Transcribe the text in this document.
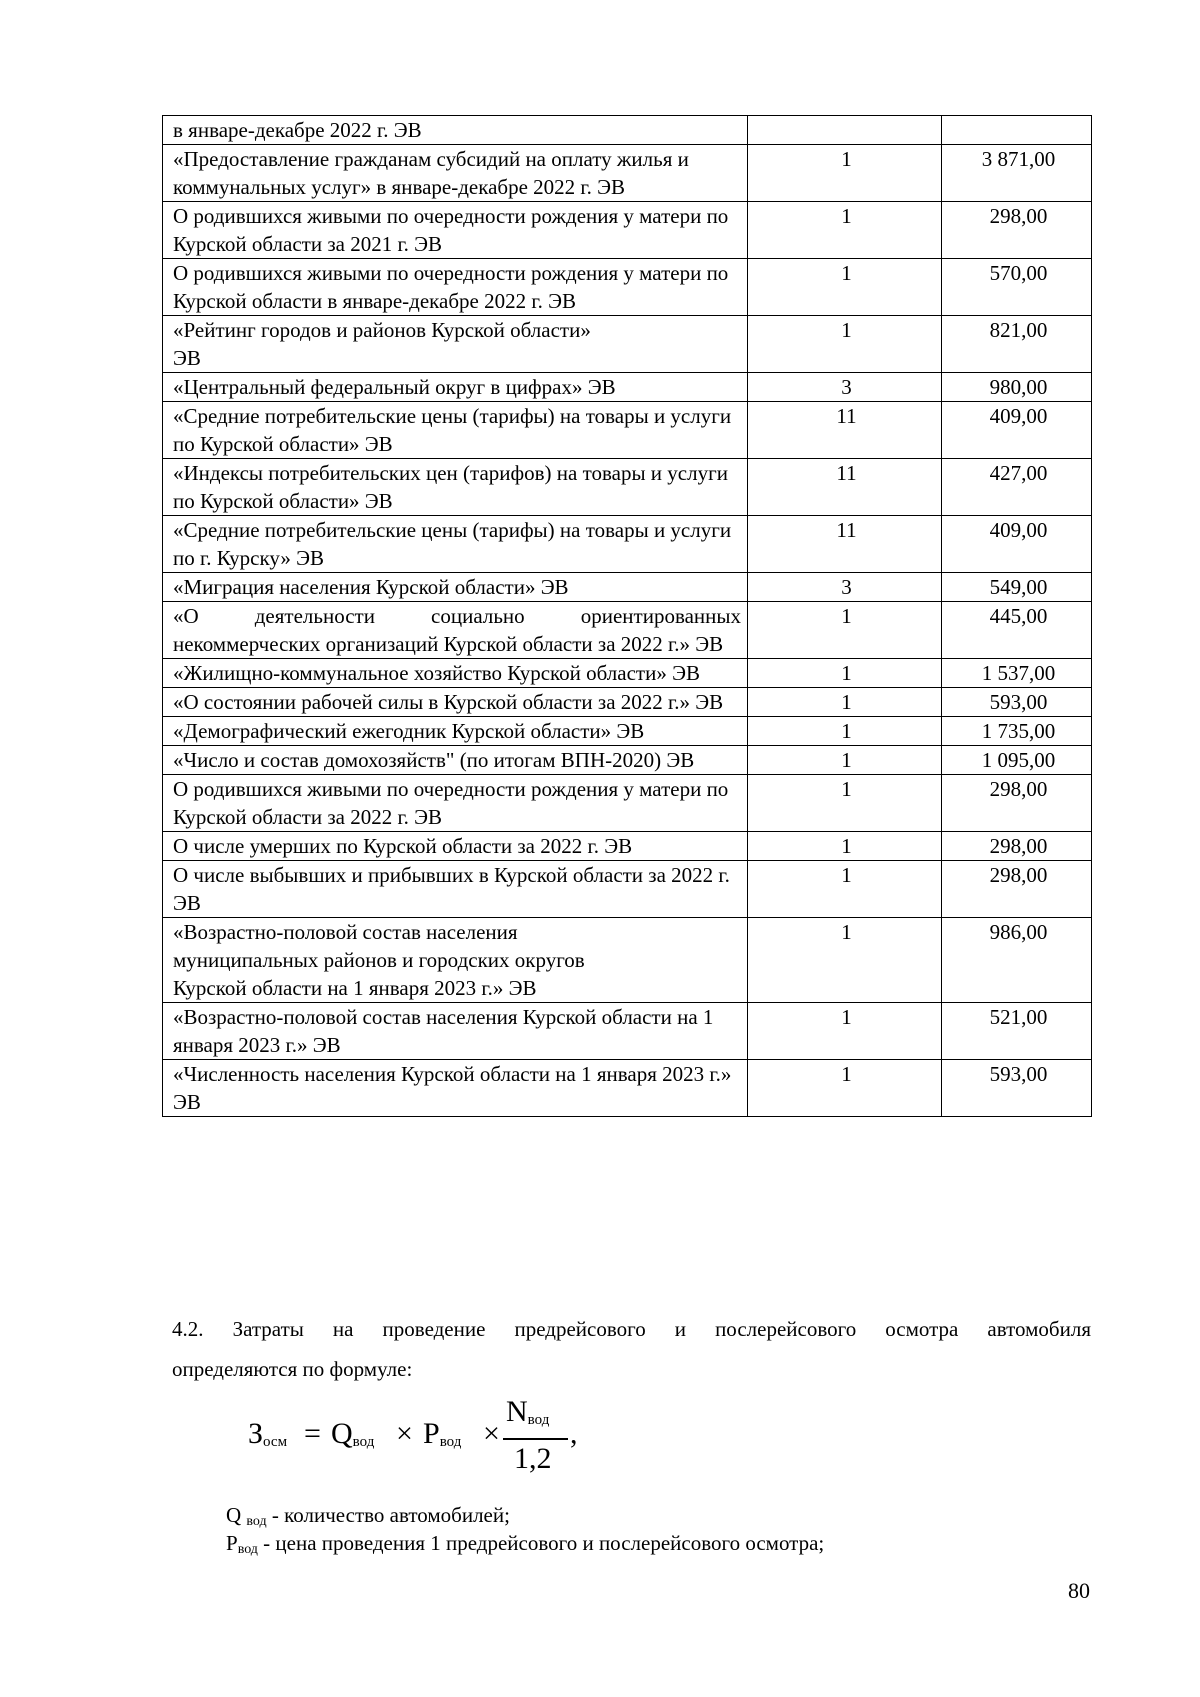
в январе-декабре 2022 г. ЭВ		
«Предоставление гражданам субсидий на оплату жилья и коммунальных услуг» в январе-декабре 2022 г. ЭВ	1	3 871,00
О родившихся живыми по очередности рождения у матери по Курской области за 2021 г. ЭВ	1	298,00
О родившихся живыми по очередности рождения у матери по Курской области в январе-декабре 2022 г. ЭВ	1	570,00
«Рейтинг городов и районов Курской области»
ЭВ	1	821,00
«Центральный федеральный округ в цифрах» ЭВ	3	980,00
«Средние потребительские цены (тарифы) на товары и услуги по Курской области» ЭВ	11	409,00
«Индексы потребительских цен (тарифов) на товары и услуги по Курской области» ЭВ	11	427,00
«Средние потребительские цены (тарифы) на товары и услуги по г. Курску» ЭВ	11	409,00
«Миграция населения Курской области» ЭВ	3	549,00
«О деятельности социально ориентированных некоммерческих организаций Курской области за 2022 г.» ЭВ	1	445,00
«Жилищно-коммунальное хозяйство Курской области» ЭВ	1	1 537,00
«О состоянии рабочей силы в Курской области за 2022 г.» ЭВ	1	593,00
«Демографический ежегодник Курской области» ЭВ	1	1 735,00
«Число и состав домохозяйств" (по итогам ВПН-2020) ЭВ	1	1 095,00
О родившихся живыми по очередности рождения у матери по Курской области за 2022 г. ЭВ	1	298,00
О числе умерших по Курской области за 2022 г. ЭВ	1	298,00
О числе выбывших и прибывших в Курской области за 2022 г. ЭВ	1	298,00
«Возрастно-половой состав населения
муниципальных районов и городских округов
Курской области на 1 января 2023 г.» ЭВ	1	986,00
«Возрастно-половой состав населения Курской области на 1 января 2023 г.» ЭВ	1	521,00
«Численность населения Курской области на 1 января 2023 г.» ЭВ	1	593,00
4.2. Затраты на проведение предрейсового и послерейсового осмотра автомобиля
определяются по формуле:
$З_{осм} = Q_{вод} \times P_{вод}$ ×
$N_{вод}$
1,2
,
Q $_{вод}$ - количество автомобилей;
$P_{вод}$ - цена проведения 1 предрейсового и послерейсового осмотра;
80
